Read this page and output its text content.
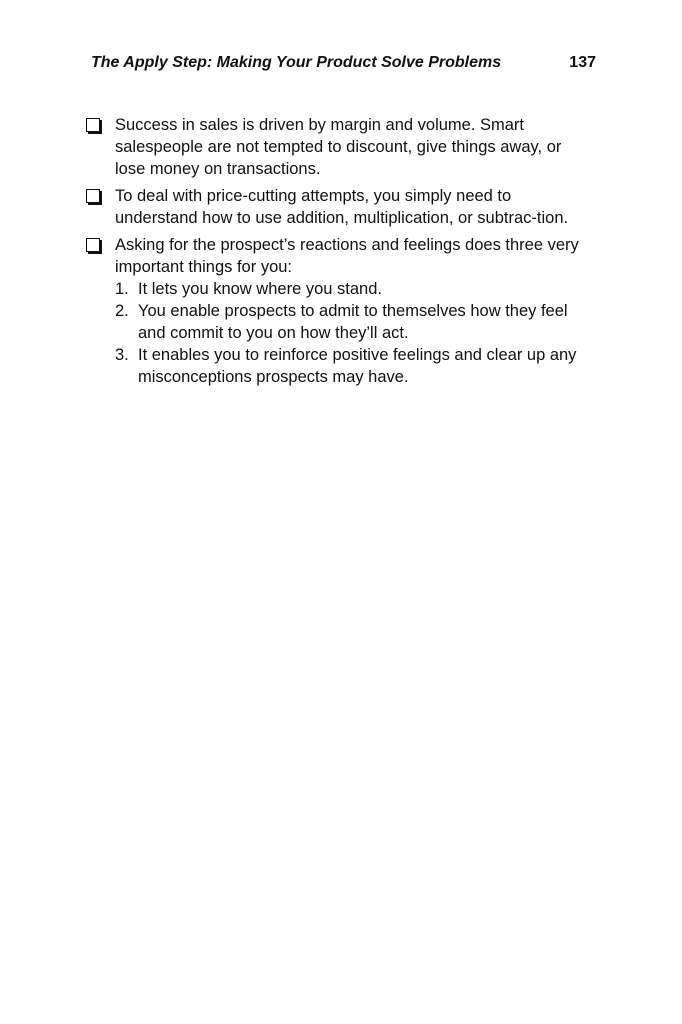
The Apply Step: Making Your Product Solve Problems	137
Success in sales is driven by margin and volume. Smart salespeople are not tempted to discount, give things away, or lose money on transactions.
To deal with price-cutting attempts, you simply need to understand how to use addition, multiplication, or subtrac-tion.
Asking for the prospect’s reactions and feelings does three very important things for you:
1. It lets you know where you stand.
2. You enable prospects to admit to themselves how they feel and commit to you on how they’ll act.
3. It enables you to reinforce positive feelings and clear up any misconceptions prospects may have.
